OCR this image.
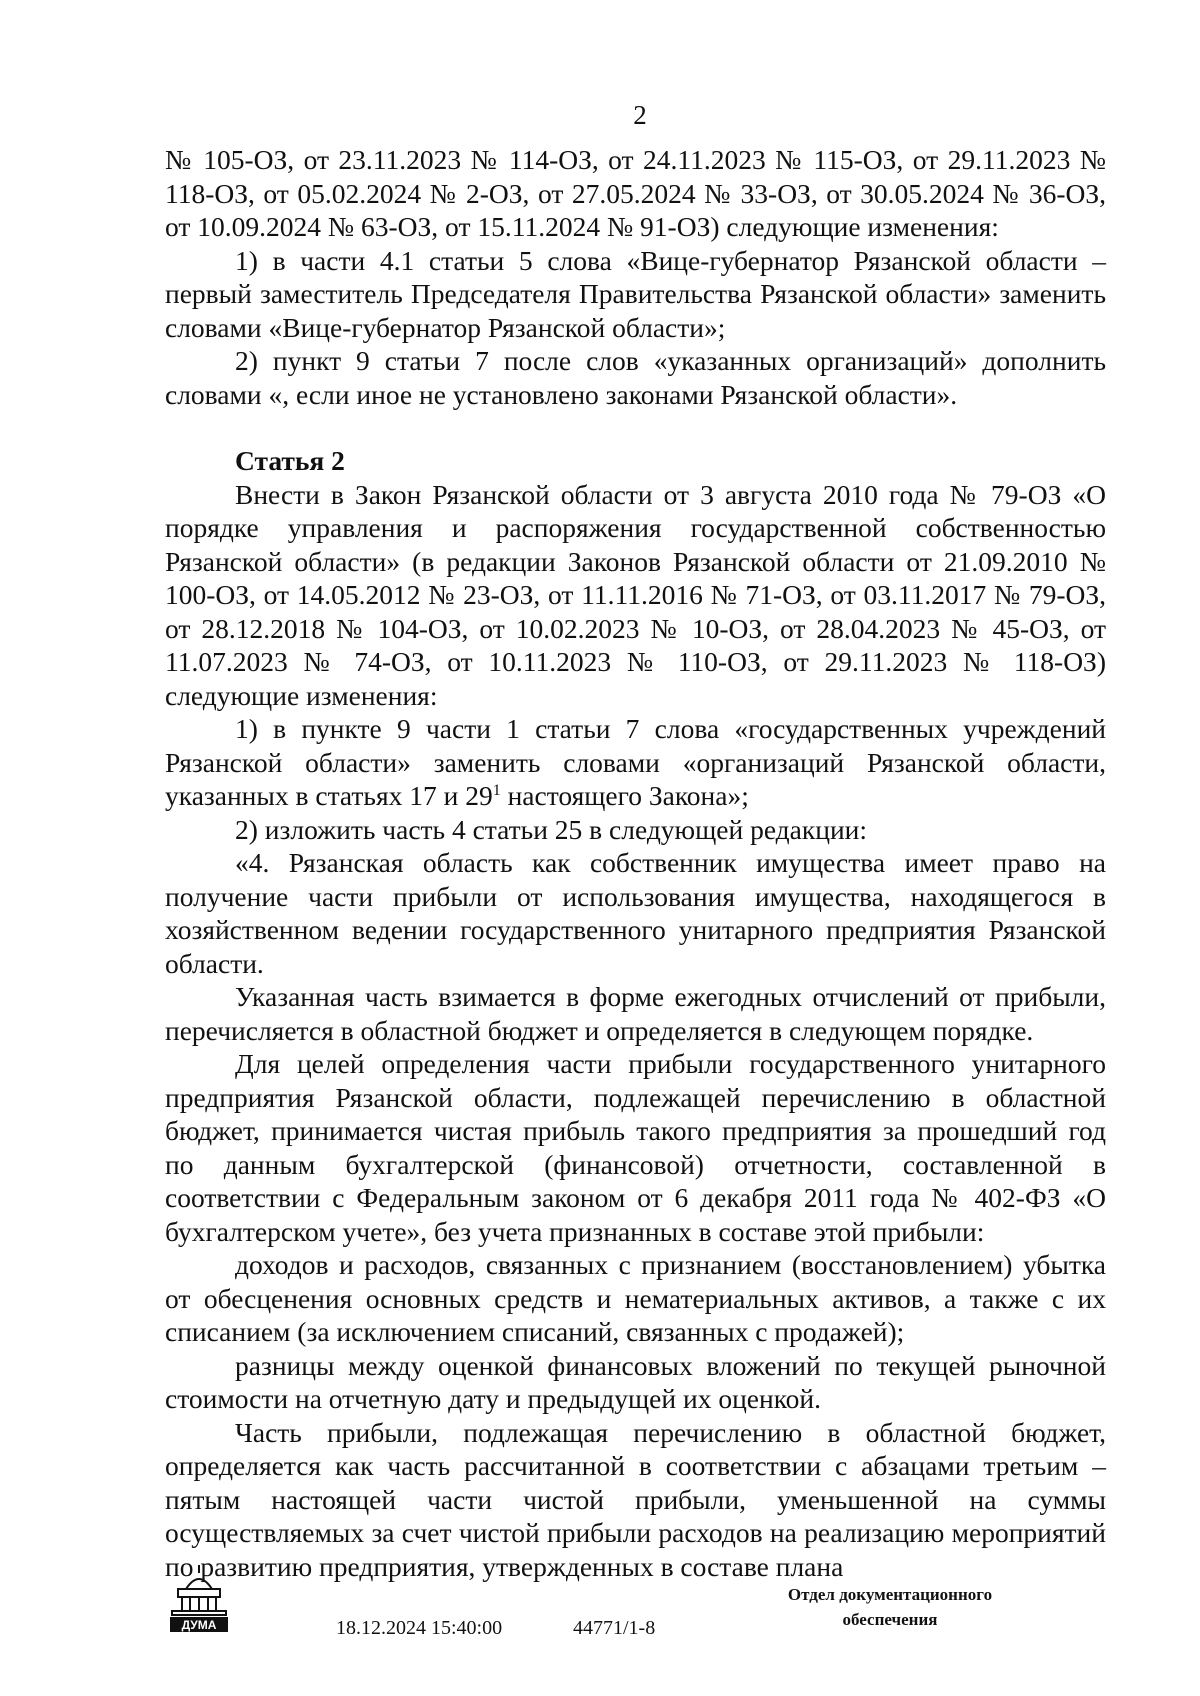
2

№ 105-ОЗ, от 23.11.2023 № 114-ОЗ, от 24.11.2023 № 115-ОЗ, от 29.11.2023 № 118-ОЗ, от 05.02.2024 № 2-ОЗ, от 27.05.2024 № 33-ОЗ, от 30.05.2024 № 36-ОЗ, от 10.09.2024 № 63-ОЗ, от 15.11.2024 № 91-ОЗ) следующие изменения:

1) в части 4.1 статьи 5 слова «Вице-губернатор Рязанской области – первый заместитель Председателя Правительства Рязанской области» заменить словами «Вице-губернатор Рязанской области»;

2) пункт 9 статьи 7 после слов «указанных организаций» дополнить словами «, если иное не установлено законами Рязанской области».

Статья 2

Внести в Закон Рязанской области от 3 августа 2010 года № 79-ОЗ «О порядке управления и распоряжения государственной собственностью Рязанской области» (в редакции Законов Рязанской области от 21.09.2010 № 100-ОЗ, от 14.05.2012 № 23-ОЗ, от 11.11.2016 № 71-ОЗ, от 03.11.2017 № 79-ОЗ, от 28.12.2018 № 104-ОЗ, от 10.02.2023 № 10-ОЗ, от 28.04.2023 № 45-ОЗ, от 11.07.2023 № 74-ОЗ, от 10.11.2023 № 110-ОЗ, от 29.11.2023 № 118-ОЗ) следующие изменения:

1) в пункте 9 части 1 статьи 7 слова «государственных учреждений Рязанской области» заменить словами «организаций Рязанской области, указанных в статьях 17 и $29^1$ настоящего Закона»;

2) изложить часть 4 статьи 25 в следующей редакции:

«4. Рязанская область как собственник имущества имеет право на получение части прибыли от использования имущества, находящегося в хозяйственном ведении государственного унитарного предприятия Рязанской области.

Указанная часть взимается в форме ежегодных отчислений от прибыли, перечисляется в областной бюджет и определяется в следующем порядке.

Для целей определения части прибыли государственного унитарного предприятия Рязанской области, подлежащей перечислению в областной бюджет, принимается чистая прибыль такого предприятия за прошедший год по данным бухгалтерской (финансовой) отчетности, составленной в соответствии с Федеральным законом от 6 декабря 2011 года № 402-ФЗ «О бухгалтерском учете», без учета признанных в составе этой прибыли:

доходов и расходов, связанных с признанием (восстановлением) убытка от обесценения основных средств и нематериальных активов, а также с их списанием (за исключением списаний, связанных с продажей);

разницы между оценкой финансовых вложений по текущей рыночной стоимости на отчетную дату и предыдущей их оценкой.

Часть прибыли, подлежащая перечислению в областной бюджет, определяется как часть рассчитанной в соответствии с абзацами третьим – пятым настоящей части чистой прибыли, уменьшенной на суммы осуществляемых за счет чистой прибыли расходов на реализацию мероприятий по развитию предприятия, утвержденных в составе плана

ДУМА	18.12.2024 15:40:00	44771/1-8
Отдел документационного
обеспечения
